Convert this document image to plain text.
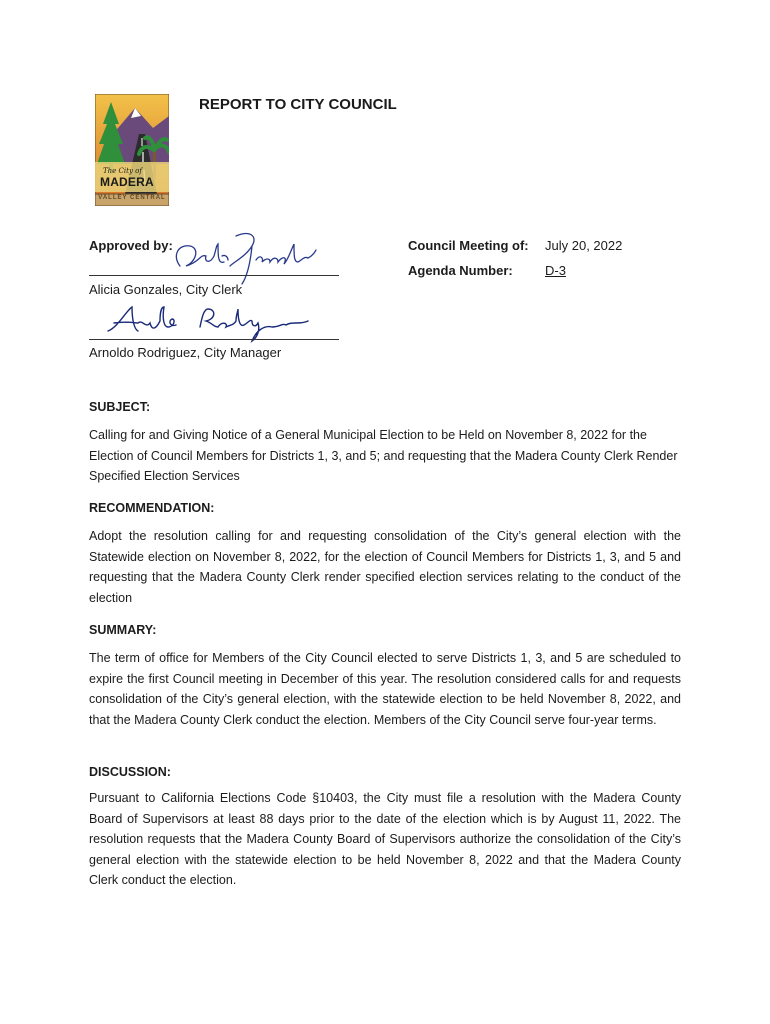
The City of
MADERA
VALLEY CENTRAL
REPORT TO CITY COUNCIL
Approved by:
Alicia Gonzales, City Clerk
Arnoldo Rodriguez, City Manager
Council Meeting of: July 20, 2022
Agenda Number: D-3
SUBJECT:
Calling for and Giving Notice of a General Municipal Election to be Held on November 8, 2022 for the Election of Council Members for Districts 1, 3, and 5; and requesting that the Madera County Clerk Render Specified Election Services
RECOMMENDATION:
Adopt the resolution calling for and requesting consolidation of the City’s general election with the Statewide election on November 8, 2022, for the election of Council Members for Districts 1, 3, and 5 and requesting that the Madera County Clerk render specified election services relating to the conduct of the election
SUMMARY:
The term of office for Members of the City Council elected to serve Districts 1, 3, and 5 are scheduled to expire the first Council meeting in December of this year. The resolution considered calls for and requests consolidation of the City’s general election, with the statewide election to be held November 8, 2022, and that the Madera County Clerk conduct the election. Members of the City Council serve four-year terms.
DISCUSSION:
Pursuant to California Elections Code §10403, the City must file a resolution with the Madera County Board of Supervisors at least 88 days prior to the date of the election which is by August 11, 2022. The resolution requests that the Madera County Board of Supervisors authorize the consolidation of the City’s general election with the statewide election to be held November 8, 2022 and that the Madera County Clerk conduct the election.
